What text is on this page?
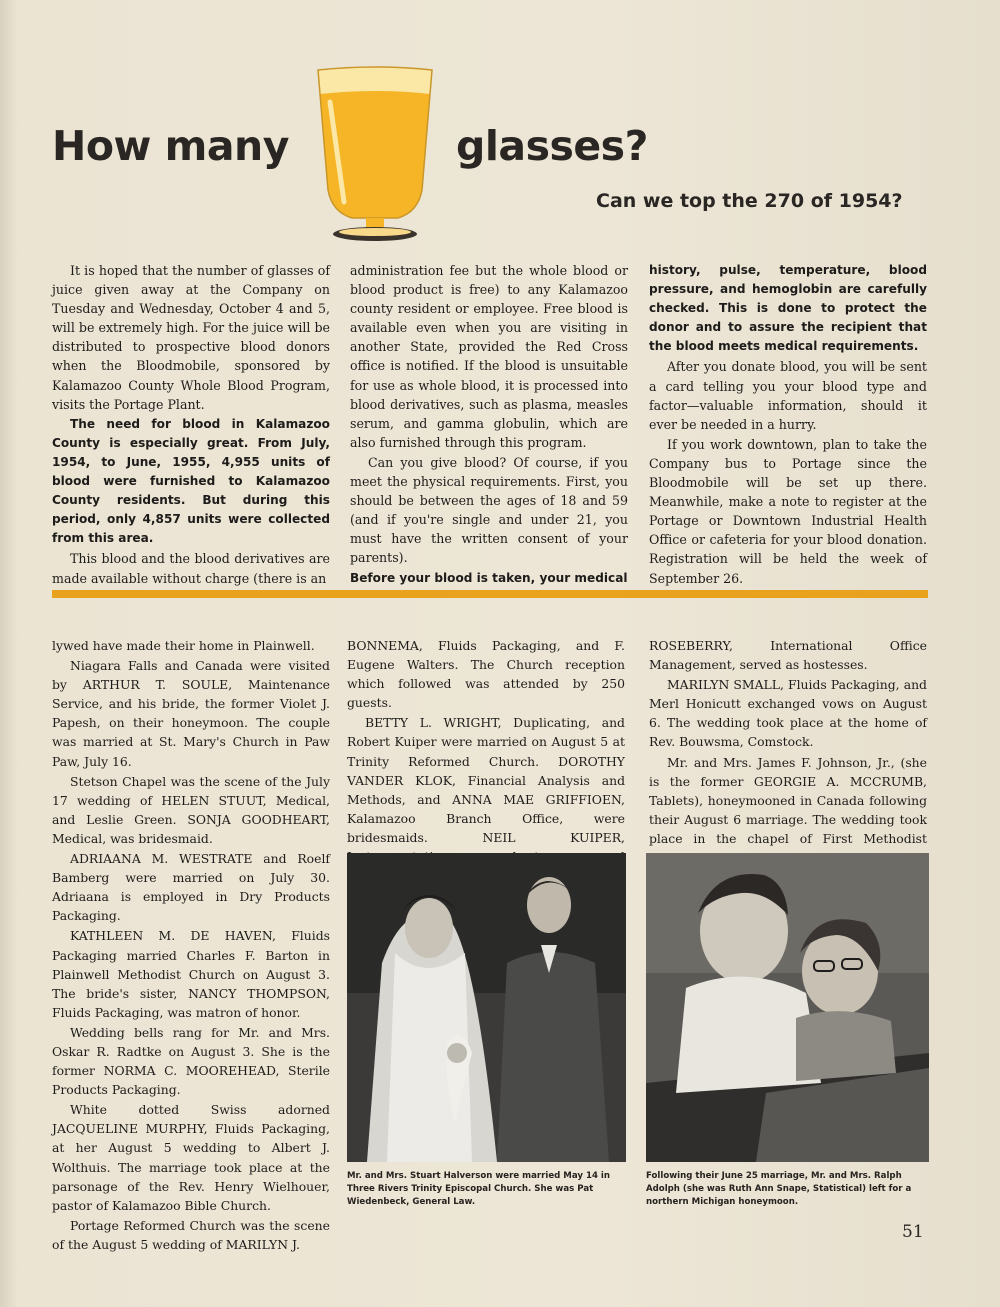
How many	glasses?
Can we top the 270 of 1954?

It is hoped that the number of glasses of juice given away at the Company on Tuesday and Wednesday, October 4 and 5, will be extremely high. For the juice will be distributed to prospective blood donors when the Bloodmobile, sponsored by Kalamazoo County Whole Blood Program, visits the Portage Plant.

The need for blood in Kalamazoo County is especially great. From July, 1954, to June, 1955, 4,955 units of blood were furnished to Kalamazoo County residents. But during this period, only 4,857 units were collected from this area.

This blood and the blood derivatives are made available without charge (there is an

administration fee but the whole blood or blood product is free) to any Kalamazoo county resident or employee. Free blood is available even when you are visiting in another State, provided the Red Cross office is notified. If the blood is unsuitable for use as whole blood, it is processed into blood derivatives, such as plasma, measles serum, and gamma globulin, which are also furnished through this program.

Can you give blood? Of course, if you meet the physical requirements. First, you should be between the ages of 18 and 59 (and if you're single and under 21, you must have the written consent of your parents).

Before your blood is taken, your medical

history, pulse, temperature, blood pressure, and hemoglobin are carefully checked. This is done to protect the donor and to assure the recipient that the blood meets medical requirements.

After you donate blood, you will be sent a card telling you your blood type and factor—valuable information, should it ever be needed in a hurry.

If you work downtown, plan to take the Company bus to Portage since the Bloodmobile will be set up there. Meanwhile, make a note to register at the Portage or Downtown Industrial Health Office or cafeteria for your blood donation. Registration will be held the week of September 26.

lywed have made their home in Plainwell.

Niagara Falls and Canada were visited by ARTHUR T. SOULE, Maintenance Service, and his bride, the former Violet J. Papesh, on their honeymoon. The couple was married at St. Mary's Church in Paw Paw, July 16.

Stetson Chapel was the scene of the July 17 wedding of HELEN STUUT, Medical, and Leslie Green. SONJA GOODHEART, Medical, was bridesmaid.

ADRIAANA M. WESTRATE and Roelf Bamberg were married on July 30. Adriaana is employed in Dry Products Packaging.

KATHLEEN M. DE HAVEN, Fluids Packaging married Charles F. Barton in Plainwell Methodist Church on August 3. The bride's sister, NANCY THOMPSON, Fluids Packaging, was matron of honor.

Wedding bells rang for Mr. and Mrs. Oskar R. Radtke on August 3. She is the former NORMA C. MOOREHEAD, Sterile Products Packaging.

White dotted Swiss adorned JACQUELINE MURPHY, Fluids Packaging, at her August 5 wedding to Albert J. Wolthuis. The marriage took place at the parsonage of the Rev. Henry Wielhouer, pastor of Kalamazoo Bible Church.

Portage Reformed Church was the scene of the August 5 wedding of MARILYN J.

BONNEMA, Fluids Packaging, and F. Eugene Walters. The Church reception which followed was attended by 250 guests.

BETTY L. WRIGHT, Duplicating, and Robert Kuiper were married on August 5 at Trinity Reformed Church. DOROTHY VANDER KLOK, Financial Analysis and Methods, and ANNA MAE GRIFFIOEN, Kalamazoo Branch Office, were bridesmaids. NEIL KUIPER,

ROSEBERRY, International Office Management, served as hostesses.

MARILYN SMALL, Fluids Packaging, and Merl Honicutt exchanged vows on August 6. The wedding took place at the home of Rev. Bouwsma, Comstock.

Mr. and Mrs. James F. Johnson, Jr., (she is the former GEORGIE A. MCCRUMB, Tablets), honeymooned in Canada following their August 6 marriage. The wedding took place in the chapel of First Methodist

Mr. and Mrs. Stuart Halverson were married May 14 in Three Rivers Trinity Episcopal Church. She was Pat Wiedenbeck, General Law.

Following their June 25 marriage, Mr. and Mrs. Ralph Adolph (she was Ruth Ann Snape, Statistical) left for a northern Michigan honeymoon.

51
